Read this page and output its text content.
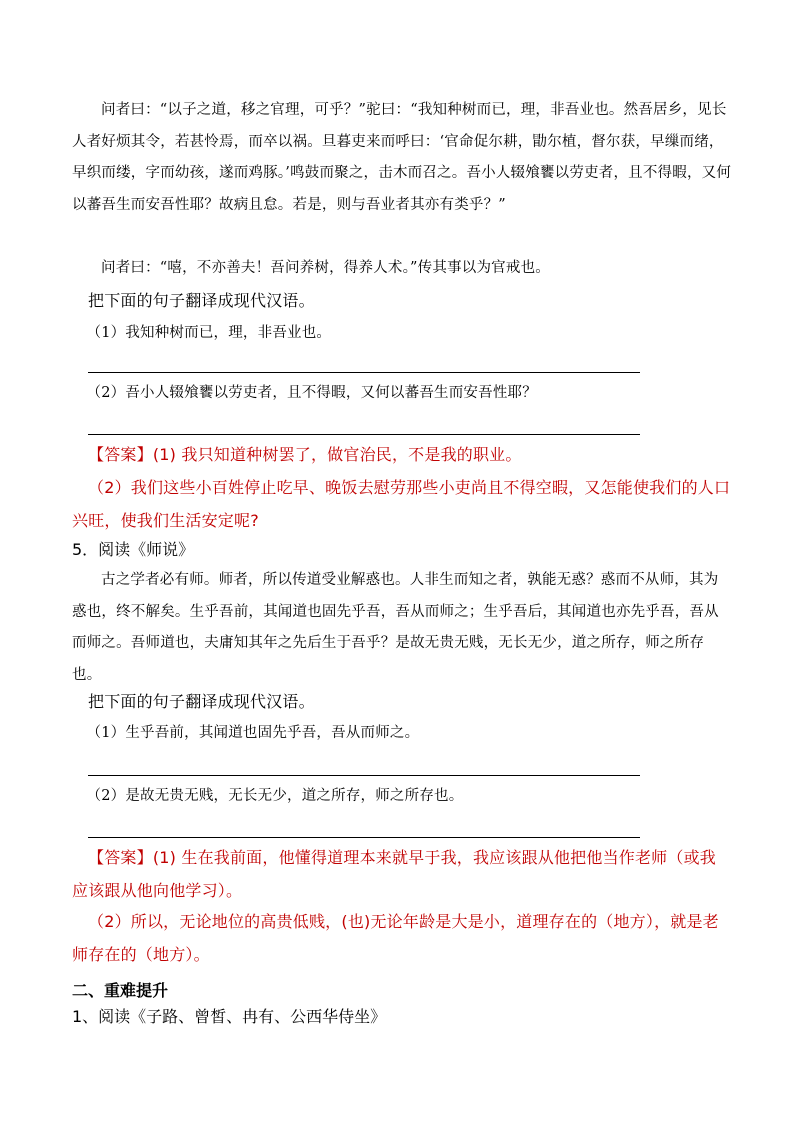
问者曰：“以子之道，移之官理，可乎？”驼曰：“我知种树而已，理，非吾业也。然吾居乡，见长人者好烦其令，若甚怜焉，而卒以祸。旦暮吏来而呼曰：‘官命促尔耕，勖尔植，督尔获，早缫而绪，早织而缕，字而幼孩，遂而鸡豚。’鸣鼓而聚之，击木而召之。吾小人辍飧饔以劳吏者，且不得暇，又何以蕃吾生而安吾性耶？故病且怠。若是，则与吾业者其亦有类乎？”

问者曰：“嘻，不亦善夫！吾问养树，得养人术。”传其事以为官戒也。

把下面的句子翻译成现代汉语。

（1）我知种树而已，理，非吾业也。

（2）吾小人辍飧饔以劳吏者，且不得暇，又何以蕃吾生而安吾性耶？

【答案】(1) 我只知道种树罢了，做官治民，不是我的职业。

（2）我们这些小百姓停止吃早、晚饭去慰劳那些小吏尚且不得空暇，又怎能使我们的人口兴旺，使我们生活安定呢?

5．阅读《师说》

古之学者必有师。师者，所以传道受业解惑也。人非生而知之者，孰能无惑？惑而不从师，其为惑也，终不解矣。生乎吾前，其闻道也固先乎吾，吾从而师之；生乎吾后，其闻道也亦先乎吾，吾从而师之。吾师道也，夫庸知其年之先后生于吾乎？是故无贵无贱，无长无少，道之所存，师之所存也。

把下面的句子翻译成现代汉语。

（1）生乎吾前，其闻道也固先乎吾，吾从而师之。

（2）是故无贵无贱，无长无少，道之所存，师之所存也。

【答案】(1) 生在我前面，他懂得道理本来就早于我，我应该跟从他把他当作老师（或我应该跟从他向他学习）。

（2）所以，无论地位的高贵低贱，(也)无论年龄是大是小，道理存在的（地方），就是老师存在的（地方）。

二、重难提升

1、阅读《子路、曾皙、冉有、公西华侍坐》
